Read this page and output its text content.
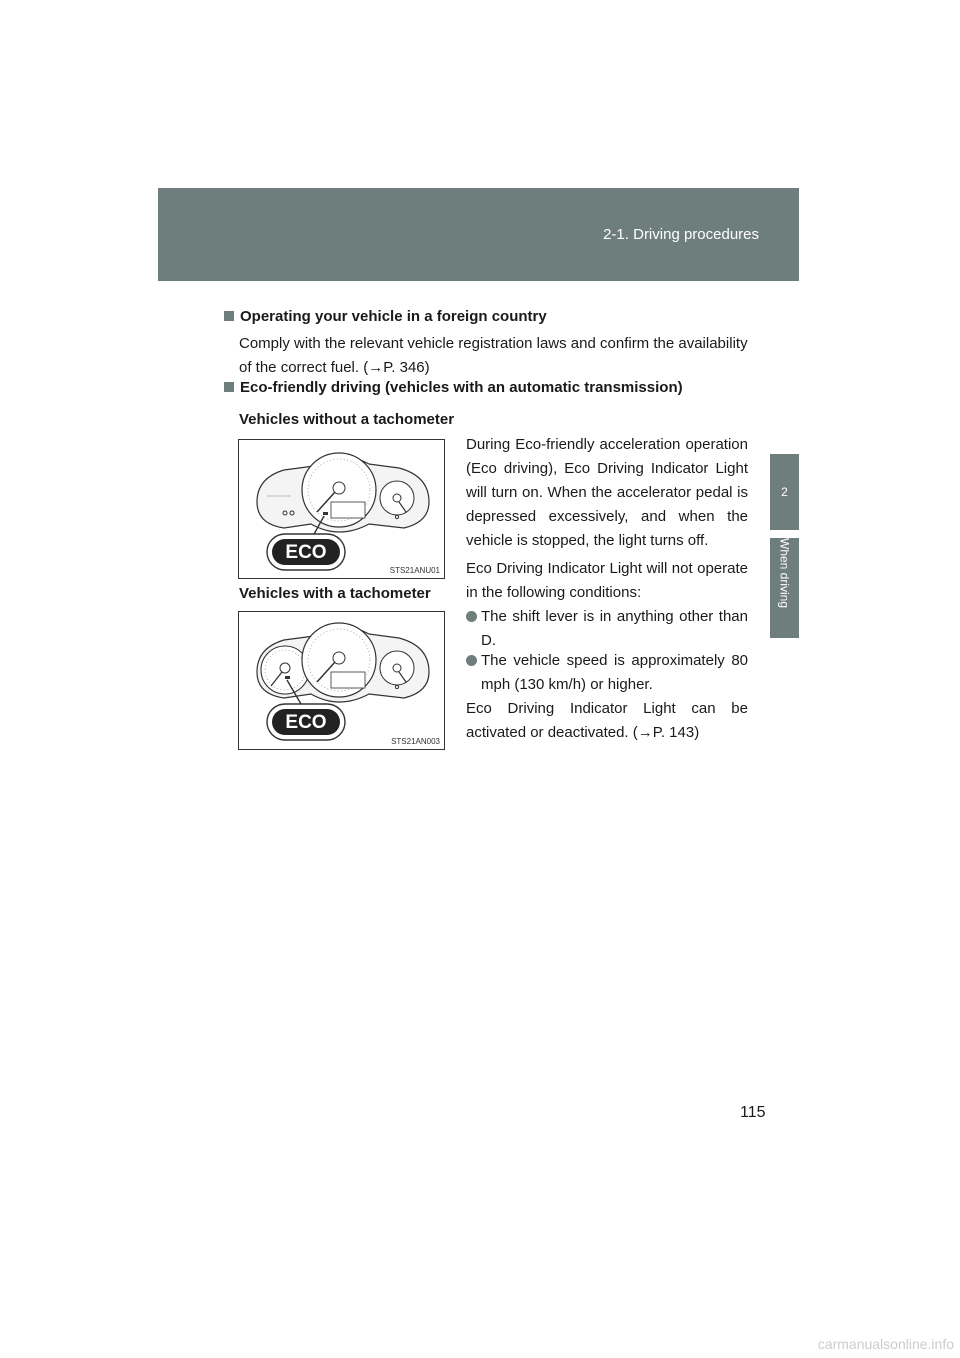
2-1. Driving procedures
2
When driving
Operating your vehicle in a foreign country
Comply with the relevant vehicle registration laws and confirm the availability of the correct fuel. (→P. 346)
Eco-friendly driving (vehicles with an automatic transmission)
Vehicles without a tachometer
ECO
STS21ANU01
Vehicles with a tachometer
ECO
STS21AN003
During Eco-friendly acceleration operation (Eco driving), Eco Driving Indicator Light will turn on. When the accelerator pedal is depressed excessively, and when the vehicle is stopped, the light turns off.
Eco Driving Indicator Light will not operate in the following conditions:
The shift lever is in anything other than D.
The vehicle speed is approximately 80 mph (130 km/h) or higher.
Eco Driving Indicator Light can be activated or deactivated. (→P. 143)
115
carmanualsonline.info
